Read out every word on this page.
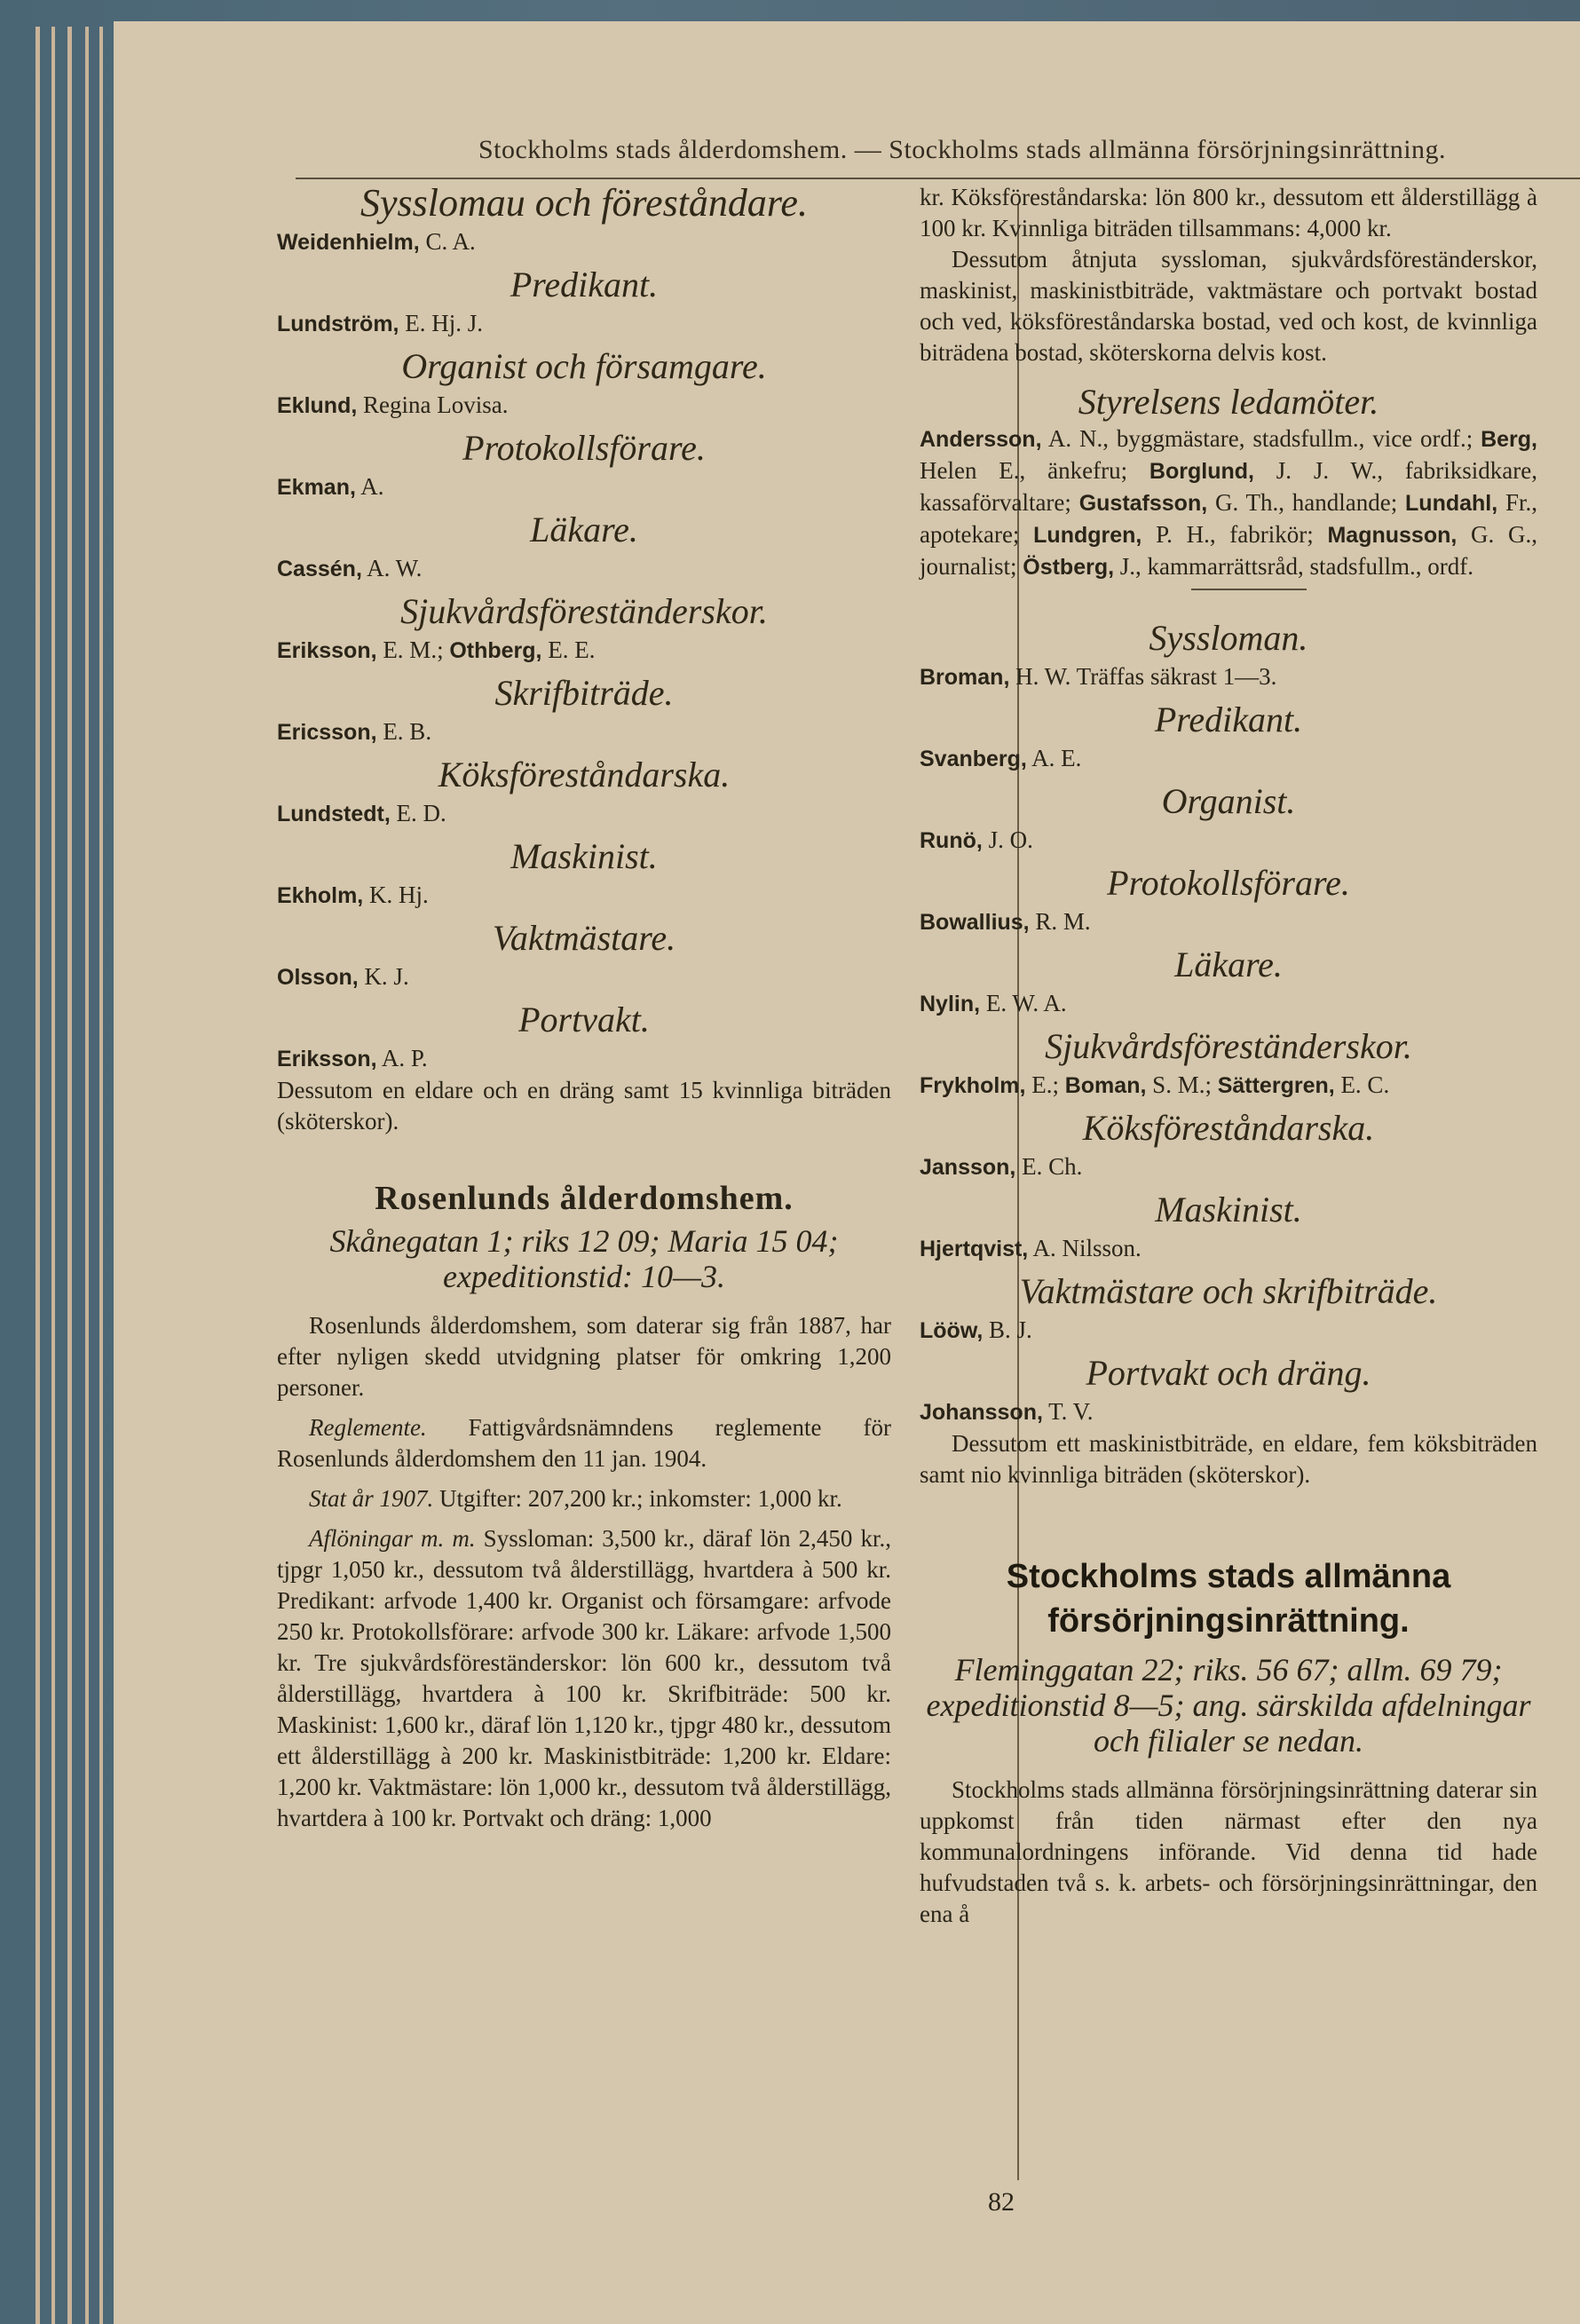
Stockholms stads ålderdomshem. — Stockholms stads allmänna försörjningsinrättning.
82
Sysslomau och föreståndare.
Weidenhielm, C. A.
Predikant.
Lundström, E. Hj. J.
Organist och församgare.
Eklund, Regina Lovisa.
Protokollsförare.
Ekman, A.
Läkare.
Cassén, A. W.
Sjukvårdsföreständerskor.
Eriksson, E. M.; Othberg, E. E.
Skrifbiträde.
Ericsson, E. B.
Köksföreståndarska.
Lundstedt, E. D.
Maskinist.
Ekholm, K. Hj.
Vaktmästare.
Olsson, K. J.
Portvakt.
Eriksson, A. P.
Dessutom en eldare och en dräng samt 15 kvinnliga biträden (sköterskor).
Rosenlunds ålderdomshem.
Skånegatan 1; riks 12 09; Maria 15 04; expeditionstid: 10—3.
Rosenlunds ålderdomshem, som daterar sig från 1887, har efter nyligen skedd utvidgning platser för omkring 1,200 personer.
Reglemente. Fattigvårdsnämndens reglemente för Rosenlunds ålderdomshem den 11 jan. 1904.
Stat år 1907. Utgifter: 207,200 kr.; inkomster: 1,000 kr.
Aflöningar m. m. Syssloman: 3,500 kr., däraf lön 2,450 kr., tjpgr 1,050 kr., dessutom två ålderstillägg, hvartdera à 500 kr. Predikant: arfvode 1,400 kr. Organist och församgare: arfvode 250 kr. Protokollsförare: arfvode 300 kr. Läkare: arfvode 1,500 kr. Tre sjukvårdsföreständerskor: lön 600 kr., dessutom två ålderstillägg, hvartdera à 100 kr. Skrifbiträde: 500 kr. Maskinist: 1,600 kr., däraf lön 1,120 kr., tjpgr 480 kr., dessutom ett ålderstillägg à 200 kr. Maskinistbiträde: 1,200 kr. Eldare: 1,200 kr. Vaktmästare: lön 1,000 kr., dessutom två ålderstillägg, hvartdera à 100 kr. Portvakt och dräng: 1,000
kr. Köksföreståndarska: lön 800 kr., dessutom ett ålderstillägg à 100 kr. Kvinnliga biträden tillsammans: 4,000 kr.
Dessutom åtnjuta syssloman, sjukvårdsföreständerskor, maskinist, maskinistbiträde, vaktmästare och portvakt bostad och ved, köksföreståndarska bostad, ved och kost, de kvinnliga biträdena bostad, sköterskorna delvis kost.
Styrelsens ledamöter.
Andersson, A. N., byggmästare, stadsfullm., vice ordf.; Berg, Helen E., änkefru; Borglund, J. J. W., fabriksidkare, kassaförvaltare; Gustafsson, G. Th., handlande; Lundahl, Fr., apotekare; Lundgren, P. H., fabrikör; Magnusson, G. G., journalist; Östberg, J., kammarrättsråd, stadsfullm., ordf.
Syssloman.
Broman, H. W. Träffas säkrast 1—3.
Predikant.
Svanberg, A. E.
Organist.
Runö, J. O.
Protokollsförare.
Bowallius, R. M.
Läkare.
Nylin, E. W. A.
Sjukvårdsföreständerskor.
Frykholm, E.; Boman, S. M.; Sättergren, E. C.
Köksföreståndarska.
Jansson, E. Ch.
Maskinist.
Hjertqvist, A. Nilsson.
Vaktmästare och skrifbiträde.
Lööw, B. J.
Portvakt och dräng.
Johansson, T. V.
Dessutom ett maskinistbiträde, en eldare, fem köksbiträden samt nio kvinnliga biträden (sköterskor).
Stockholms stads allmänna försörjningsinrättning.
Fleminggatan 22; riks. 56 67; allm. 69 79; expeditionstid 8—5; ang. särskilda afdelningar och filialer se nedan.
Stockholms stads allmänna försörjningsinrättning daterar sin uppkomst från tiden närmast efter den nya kommunalordningens införande. Vid denna tid hade hufvudstaden två s. k. arbets- och försörjningsinrättningar, den ena å
